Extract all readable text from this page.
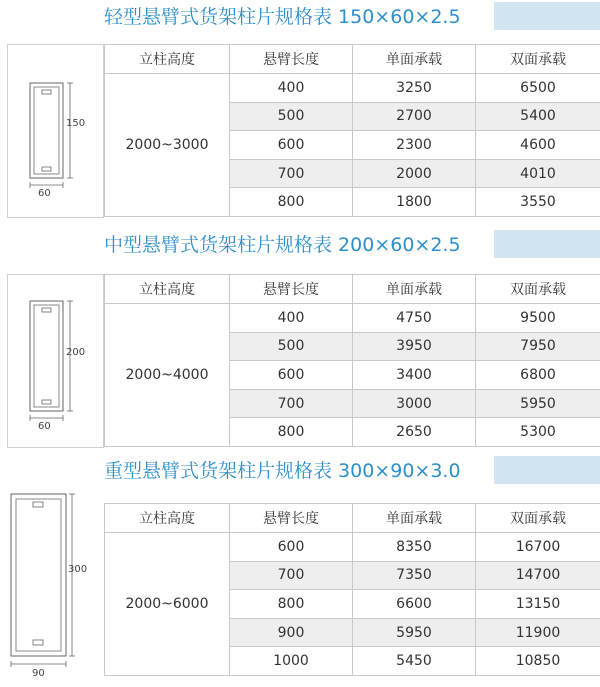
轻型悬臂式货架柱片规格表 150×60×2.5
150
60
立柱高度	悬臂长度	单面承载	双面承载
2000~3000	400	3250	6500
	500	2700	5400
	600	2300	4600
	700	2000	4010
	800	1800	3550
中型悬臂式货架柱片规格表 200×60×2.5
200
60
立柱高度	悬臂长度	单面承载	双面承载
2000~4000	400	4750	9500
	500	3950	7950
	600	3400	6800
	700	3000	5950
	800	2650	5300
重型悬臂式货架柱片规格表 300×90×3.0
300
90
立柱高度	悬臂长度	单面承载	双面承载
2000~6000	600	8350	16700
	700	7350	14700
	800	6600	13150
	900	5950	11900
	1000	5450	10850
